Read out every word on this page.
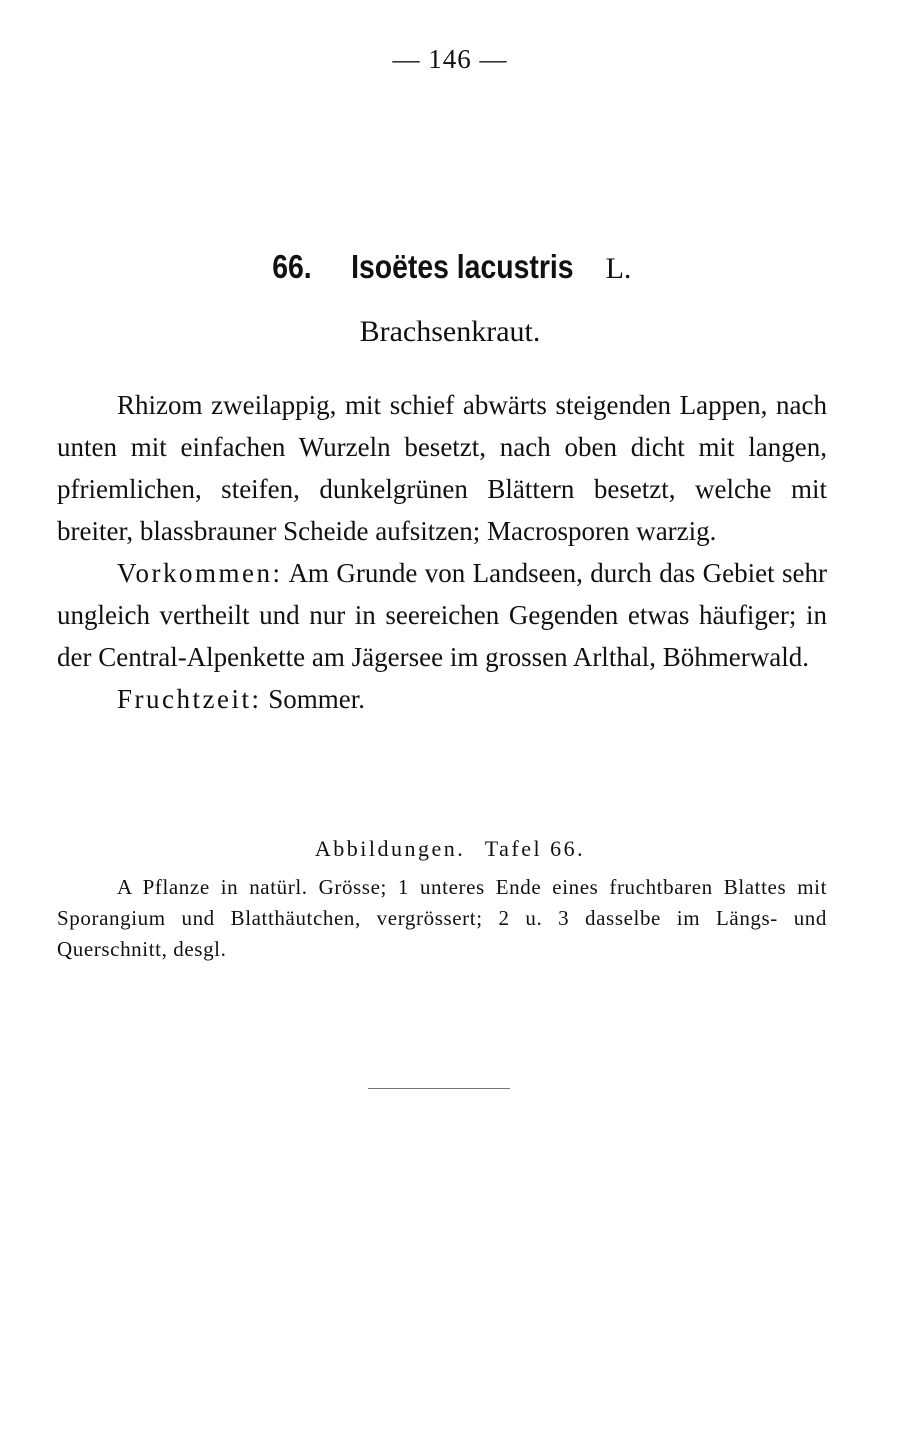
— 146 —
66. Isoëtes lacustris L.
Brachsenkraut.

Rhizom zweilappig, mit schief abwärts steigenden Lappen, nach unten mit einfachen Wurzeln besetzt, nach oben dicht mit langen, pfriemlichen, steifen, dunkelgrünen Blättern besetzt, welche mit breiter, blassbrauner Scheide aufsitzen; Macrosporen warzig.

Vorkommen: Am Grunde von Landseen, durch das Gebiet sehr ungleich vertheilt und nur in seereichen Gegenden etwas häufiger; in der Central-Alpenkette am Jägersee im grossen Arlthal, Böhmerwald.

Fruchtzeit: Sommer.

Abbildungen. Tafel 66.

A Pflanze in natürl. Grösse; 1 unteres Ende eines fruchtbaren Blattes mit Sporangium und Blatthäutchen, vergrössert; 2 u. 3 dasselbe im Längs- und Querschnitt, desgl.
